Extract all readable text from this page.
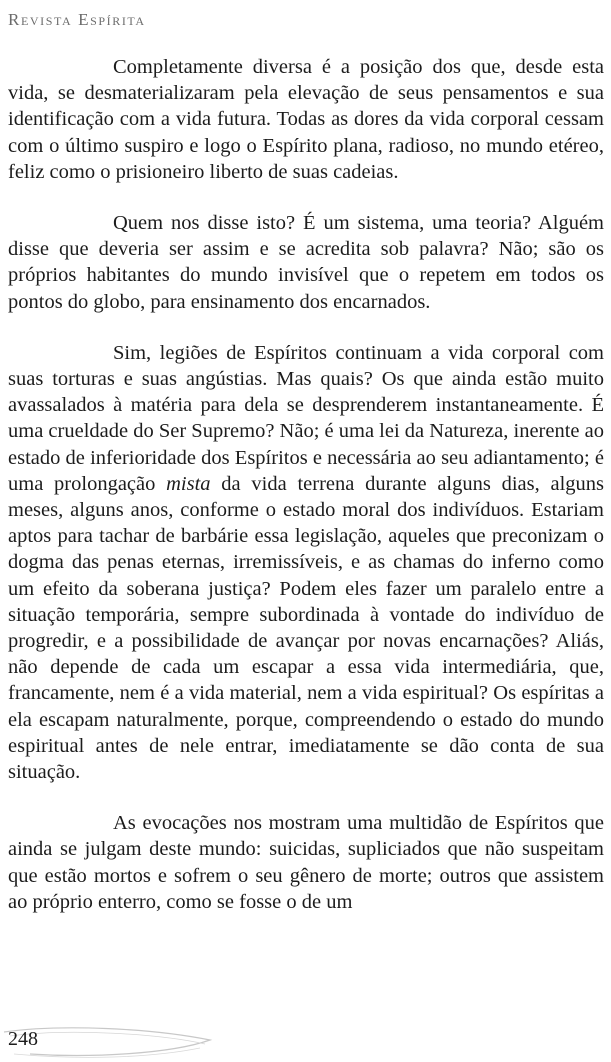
Revista Espírita

Completamente diversa é a posição dos que, desde esta vida, se desmaterializaram pela elevação de seus pensamentos e sua identificação com a vida futura. Todas as dores da vida corporal cessam com o último suspiro e logo o Espírito plana, radioso, no mundo etéreo, feliz como o prisioneiro liberto de suas cadeias.

Quem nos disse isto? É um sistema, uma teoria? Alguém disse que deveria ser assim e se acredita sob palavra? Não; são os próprios habitantes do mundo invisível que o repetem em todos os pontos do globo, para ensinamento dos encarnados.

Sim, legiões de Espíritos continuam a vida corporal com suas torturas e suas angústias. Mas quais? Os que ainda estão muito avassalados à matéria para dela se desprenderem instantaneamente. É uma crueldade do Ser Supremo? Não; é uma lei da Natureza, inerente ao estado de inferioridade dos Espíritos e necessária ao seu adiantamento; é uma prolongação mista da vida terrena durante alguns dias, alguns meses, alguns anos, conforme o estado moral dos indivíduos. Estariam aptos para tachar de barbárie essa legislação, aqueles que preconizam o dogma das penas eternas, irremissíveis, e as chamas do inferno como um efeito da soberana justiça? Podem eles fazer um paralelo entre a situação temporária, sempre subordinada à vontade do indivíduo de progredir, e a possibilidade de avançar por novas encarnações? Aliás, não depende de cada um escapar a essa vida intermediária, que, francamente, nem é a vida material, nem a vida espiritual? Os espíritas a ela escapam naturalmente, porque, compreendendo o estado do mundo espiritual antes de nele entrar, imediatamente se dão conta de sua situação.

As evocações nos mostram uma multidão de Espíritos que ainda se julgam deste mundo: suicidas, supliciados que não suspeitam que estão mortos e sofrem o seu gênero de morte; outros que assistem ao próprio enterro, como se fosse o de um

248
